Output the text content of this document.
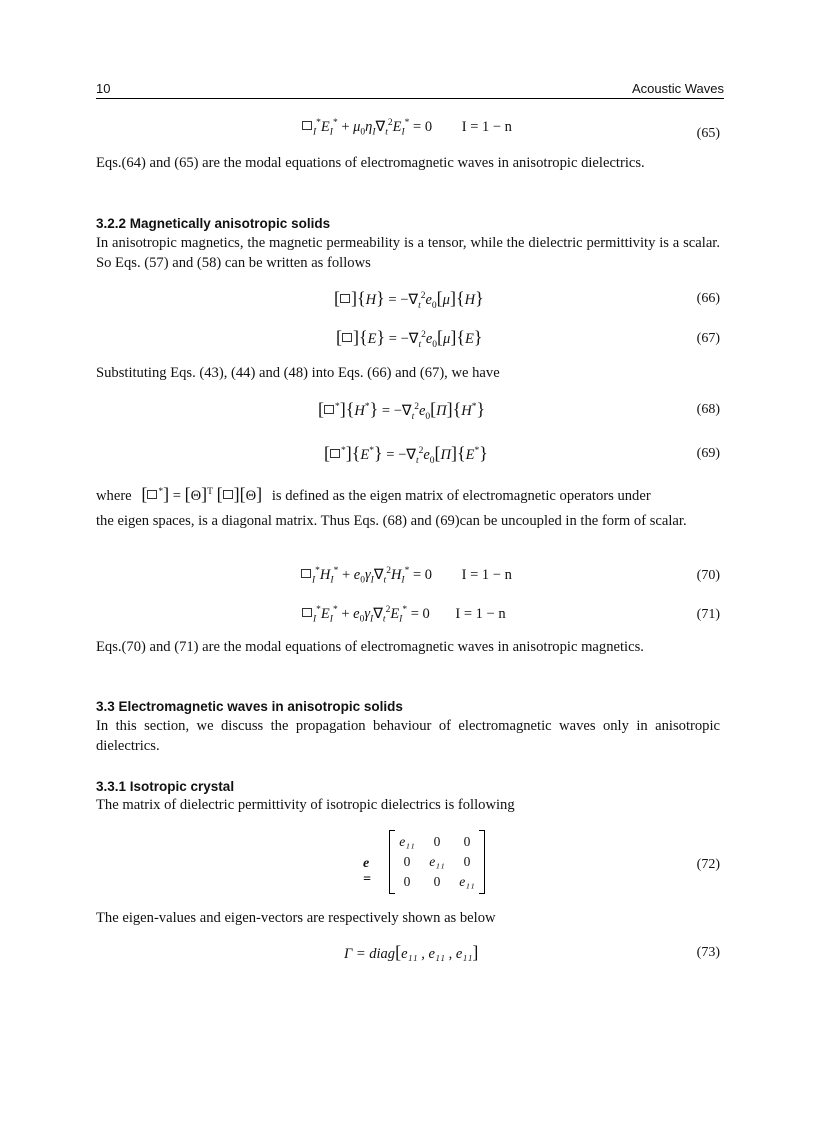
10	Acoustic Waves
$_I^*E_I^* + \mu_0\eta_I\nabla_t^2E_I^* = 0$ I = 1 − n	(65)
Eqs.(64) and (65) are the modal equations of electromagnetic waves in anisotropic dielectrics.
3.2.2 Magnetically anisotropic solids
In anisotropic magnetics, the magnetic permeability is a tensor, while the dielectric permittivity is a scalar. So Eqs. (57) and (58) can be written as follows
[ ]$\{H\} = -\nabla_t^2e_0[\mu]\{H\}$	(66)
[ ]$\{E\} = -\nabla_t^2e_0[\mu]\{E\}$	(67)
Substituting Eqs. (43), (44) and (48) into Eqs. (66) and (67), we have
[ $^*]\{H^*\} = -\nabla_t^2e_0[\Pi]\{H^*\}$	(68)
[ $^*]\{E^*\} = -\nabla_t^2e_0[\Pi]\{E^*\}$	(69)
where [ $^*] = [\Theta]^T$ [ ][Θ] is defined as the eigen matrix of electromagnetic operators under
the eigen spaces, is a diagonal matrix. Thus Eqs. (68) and (69)can be uncoupled in the form of scalar.
$_I^*H_I^* + e_0\gamma_I\nabla_t^2H_I^* = 0$ I = 1 − n	(70)
$_I^*E_I^* + e_0\gamma_I\nabla_t^2E_I^* = 0$ I = 1 − n	(71)
Eqs.(70) and (71) are the modal equations of electromagnetic waves in anisotropic magnetics.
3.3 Electromagnetic waves in anisotropic solids
In this section, we discuss the propagation behaviour of electromagnetic waves only in anisotropic dielectrics.
3.3.1 Isotropic crystal
The matrix of dielectric permittivity of isotropic dielectrics is following
e =
e₁₁	0	0
0	e₁₁	0
0	0	e₁₁
(72)
The eigen-values and eigen-vectors are respectively shown as below
Γ = diag[e₁₁ , e₁₁ , e₁₁]	(73)
